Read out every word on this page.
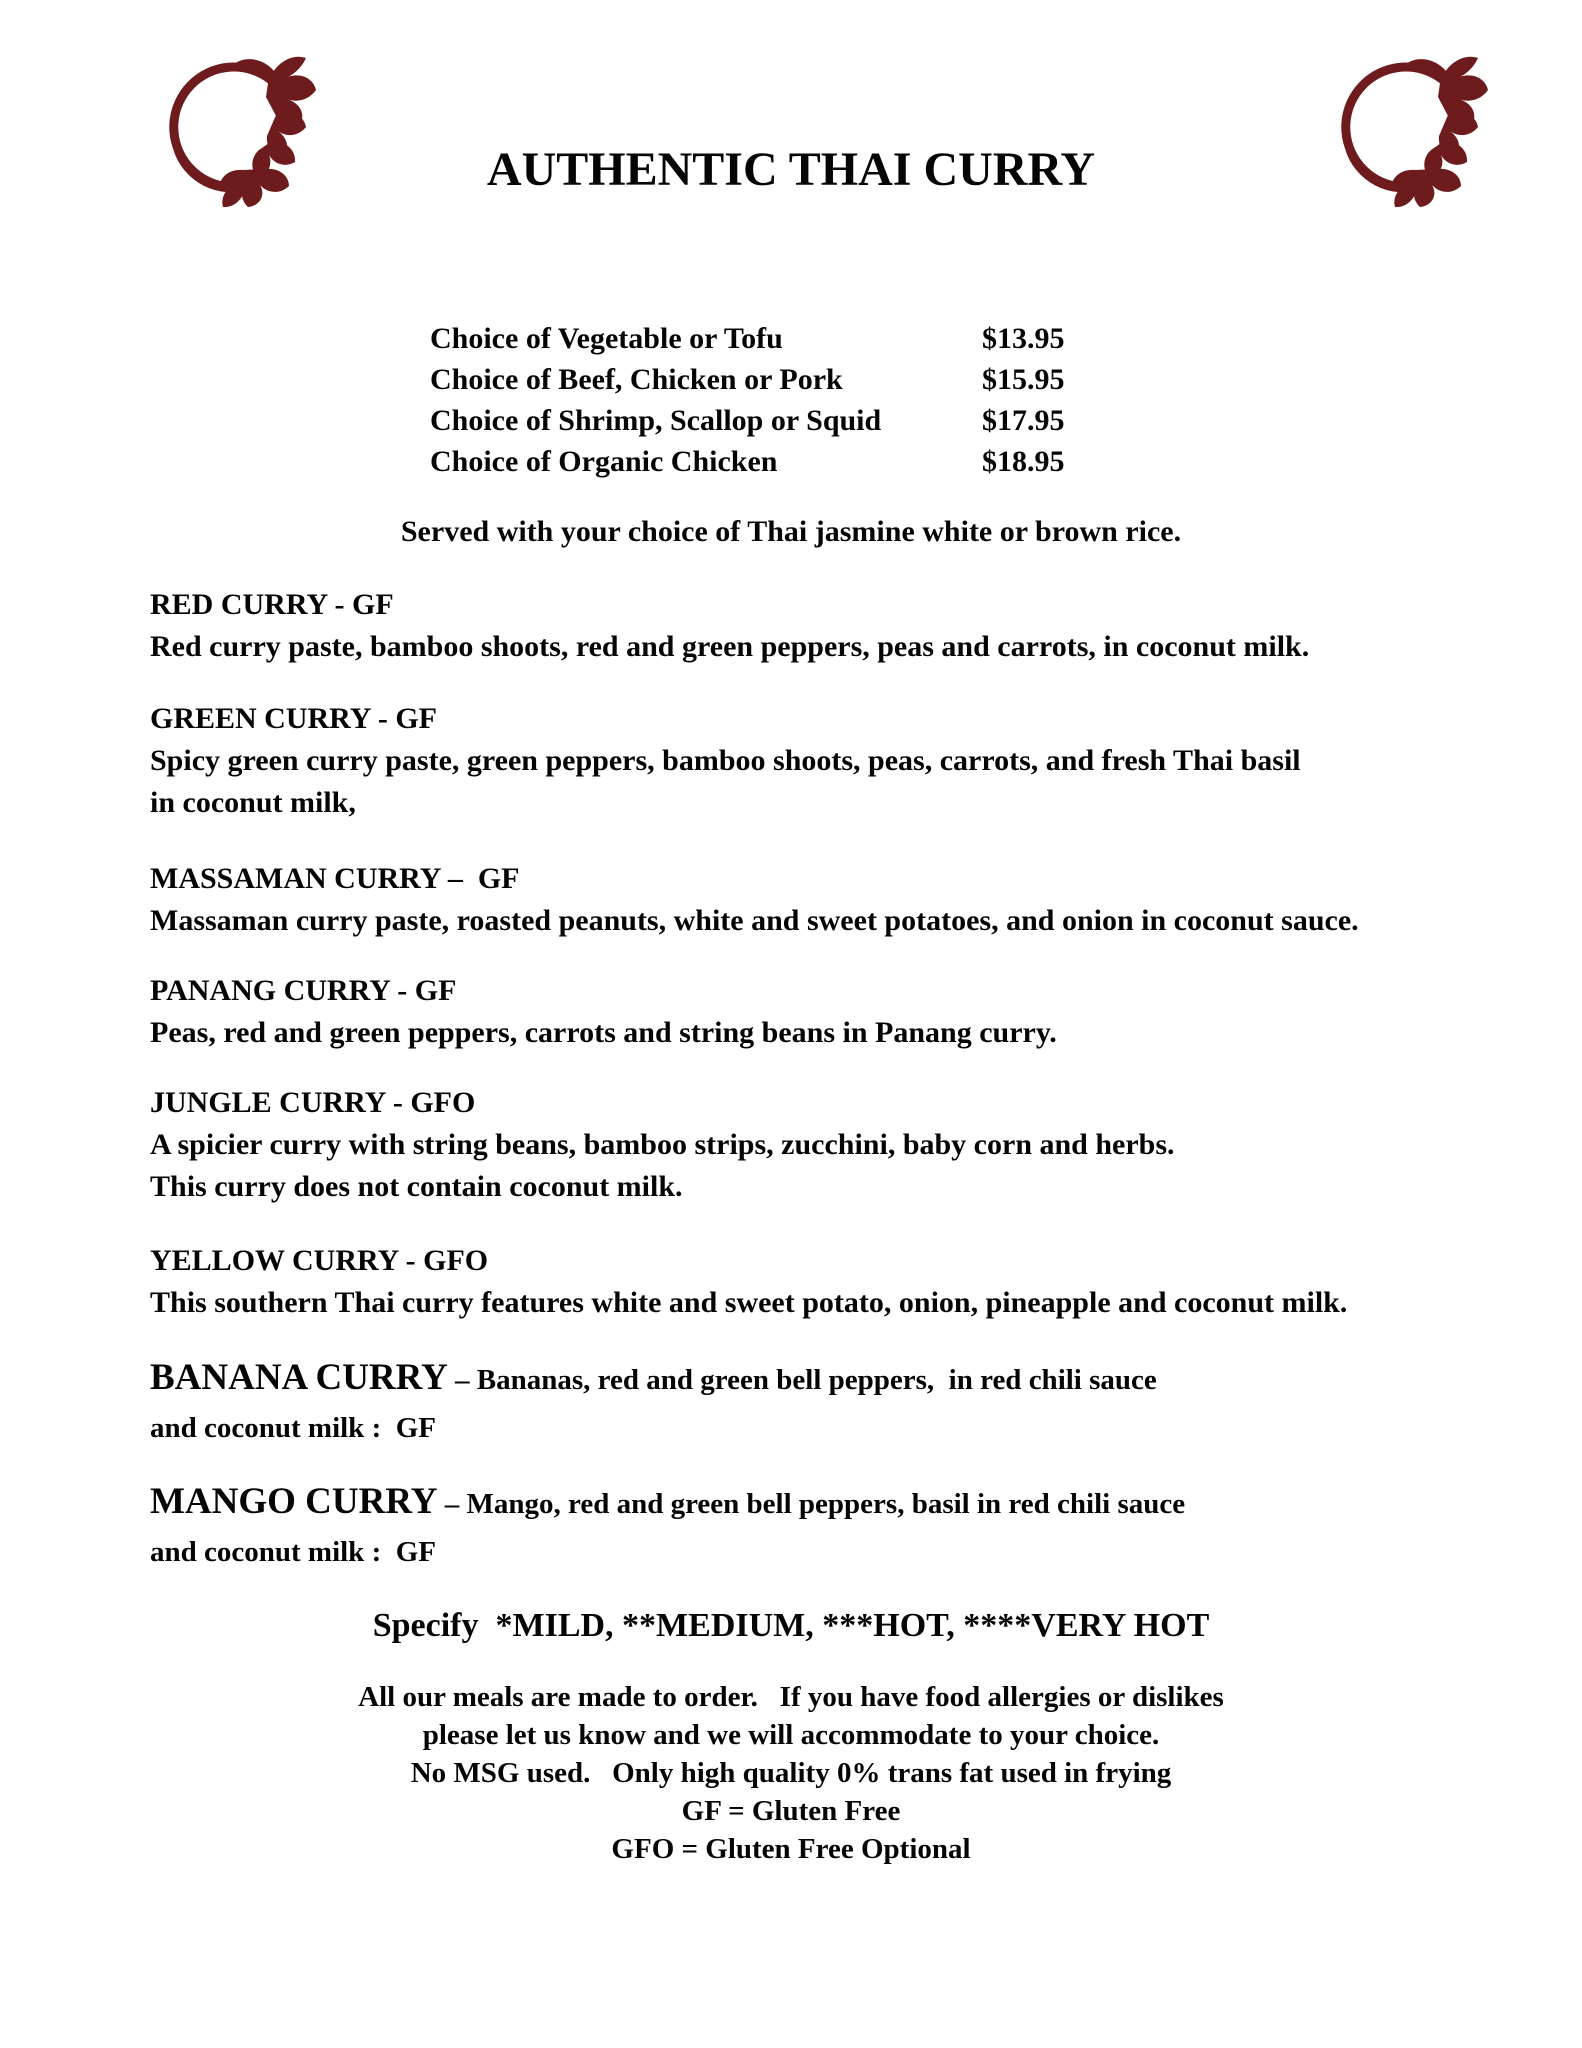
AUTHENTIC THAI CURRY
Choice of Vegetable or Tofu	$13.95
Choice of Beef, Chicken or Pork	$15.95
Choice of Shrimp, Scallop or Squid	$17.95
Choice of Organic Chicken	$18.95
Served with your choice of Thai jasmine white or brown rice.
RED CURRY - GF

Red curry paste, bamboo shoots, red and green peppers, peas and carrots, in coconut milk.

GREEN CURRY - GF

Spicy green curry paste, green peppers, bamboo shoots, peas, carrots, and fresh Thai basil

in coconut milk,

MASSAMAN CURRY –  GF

Massaman curry paste, roasted peanuts, white and sweet potatoes, and onion in coconut sauce.

PANANG CURRY - GF

Peas, red and green peppers, carrots and string beans in Panang curry.

JUNGLE CURRY - GFO

A spicier curry with string beans, bamboo strips, zucchini, baby corn and herbs.

This curry does not contain coconut milk.

YELLOW CURRY - GFO

This southern Thai curry features white and sweet potato, onion, pineapple and coconut milk.

BANANA CURRY – Bananas, red and green bell peppers,  in red chili sauce

and coconut milk :  GF

MANGO CURRY – Mango, red and green bell peppers, basil in red chili sauce

and coconut milk :  GF

Specify  *MILD, **MEDIUM, ***HOT, ****VERY HOT

All our meals are made to order.   If you have food allergies or dislikes

please let us know and we will accommodate to your choice.

No MSG used.   Only high quality 0% trans fat used in frying

GF = Gluten Free

GFO = Gluten Free Optional
